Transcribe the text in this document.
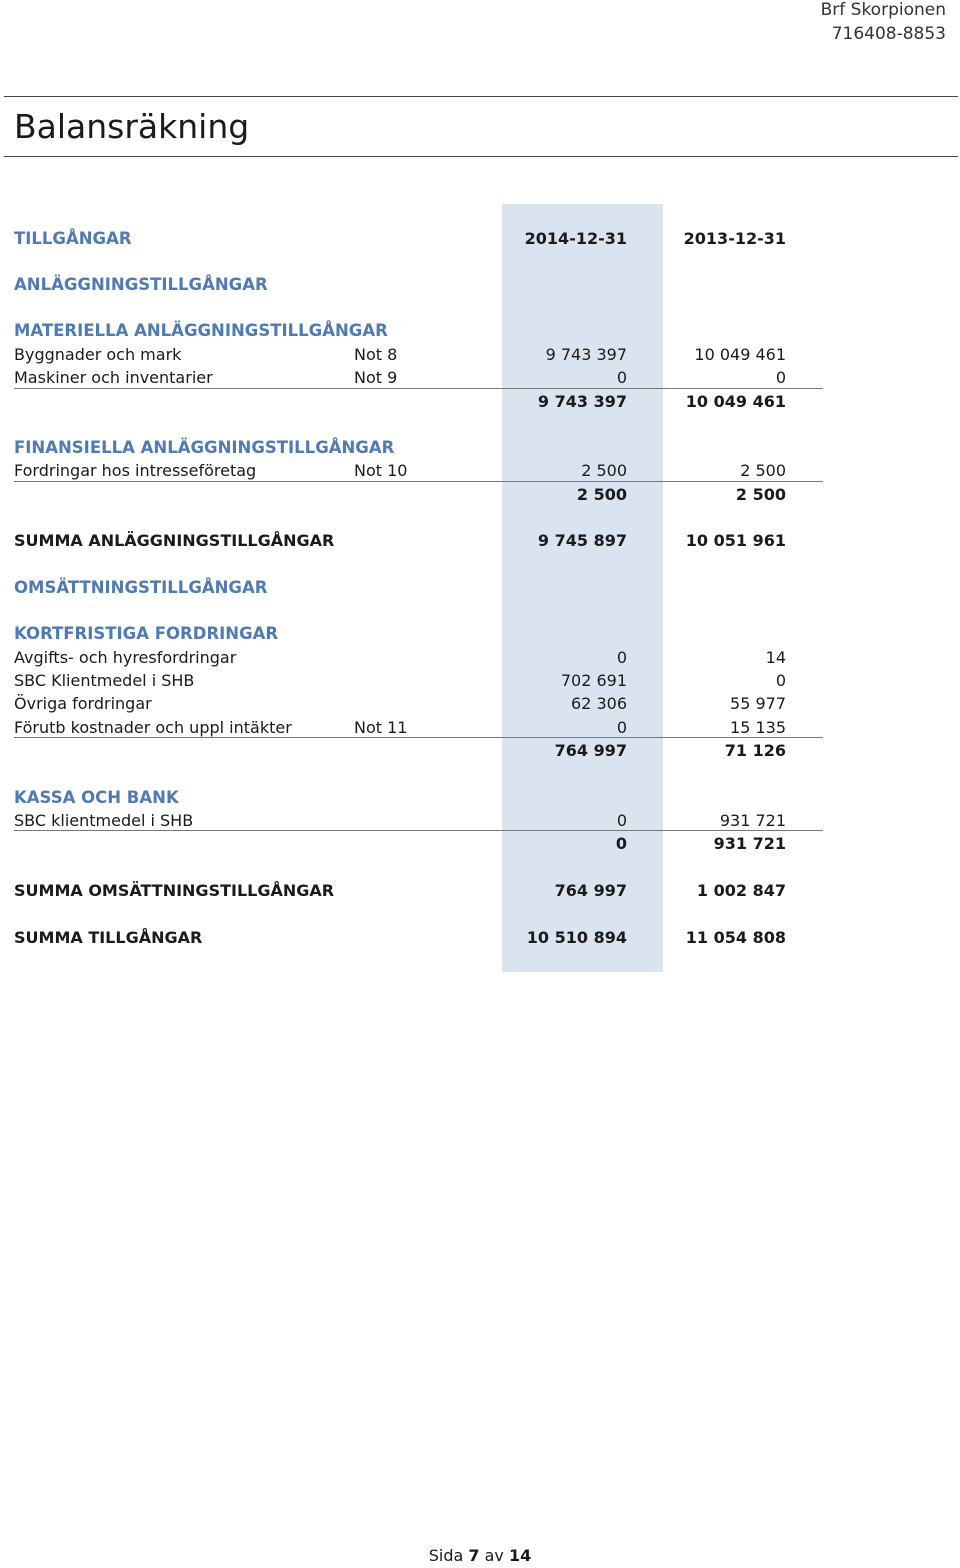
Brf Skorpionen
716408-8853
Balansräkning
TILLGÅNGAR	2014-12-31	2013-12-31
ANLÄGGNINGSTILLGÅNGAR
MATERIELLA ANLÄGGNINGSTILLGÅNGAR
Byggnader och mark	Not 8	9 743 397	10 049 461
Maskiner och inventarier	Not 9	0	0
9 743 397	10 049 461
FINANSIELLA ANLÄGGNINGSTILLGÅNGAR
Fordringar hos intresseföretag	Not 10	2 500	2 500
2 500	2 500
SUMMA ANLÄGGNINGSTILLGÅNGAR	9 745 897	10 051 961
OMSÄTTNINGSTILLGÅNGAR
KORTFRISTIGA FORDRINGAR
Avgifts- och hyresfordringar	0	14
SBC Klientmedel i SHB	702 691	0
Övriga fordringar	62 306	55 977
Förutb kostnader och uppl intäkter	Not 11	0	15 135
764 997	71 126
KASSA OCH BANK
SBC klientmedel i SHB	0	931 721
0	931 721
SUMMA OMSÄTTNINGSTILLGÅNGAR	764 997	1 002 847
SUMMA TILLGÅNGAR	10 510 894	11 054 808
Sida 7 av 14
